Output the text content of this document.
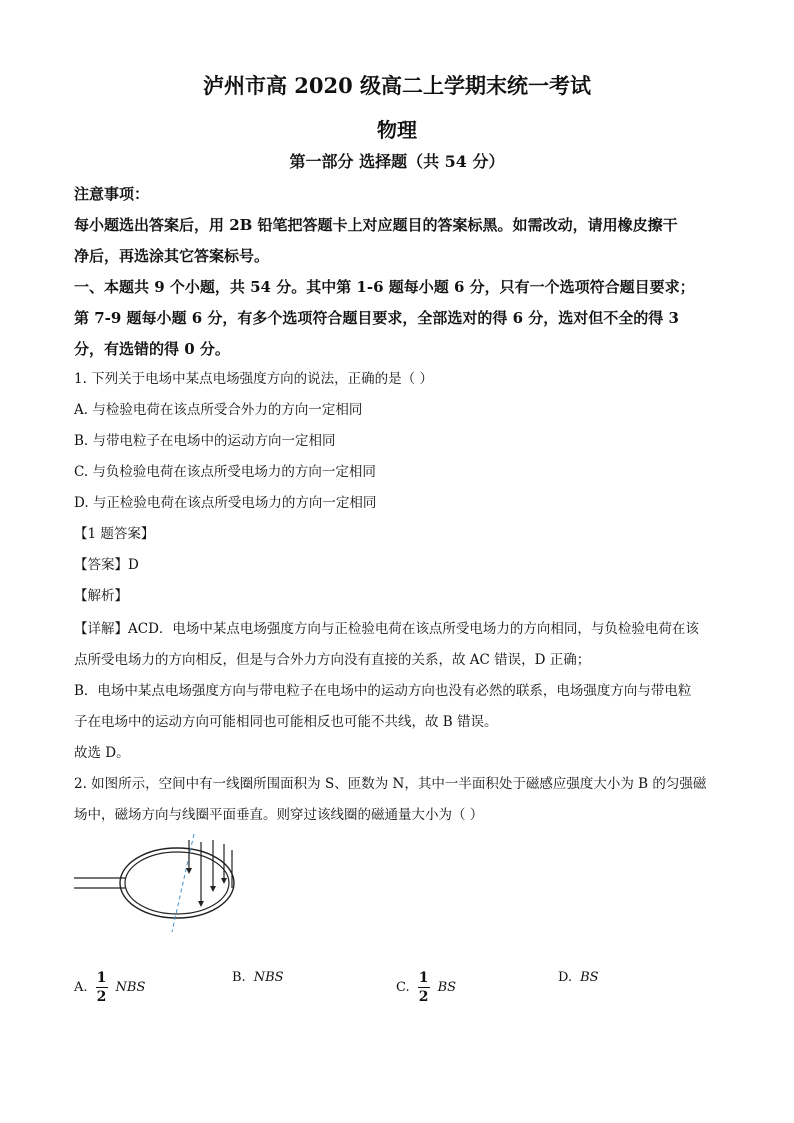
泸州市高 2020 级高二上学期末统一考试
物理
第一部分 选择题（共 54 分）
注意事项：
每小题选出答案后，用 2B 铅笔把答题卡上对应题目的答案标黑。如需改动，请用橡皮擦干
净后，再选涂其它答案标号。
一、本题共 9 个小题，共 54 分。其中第 1-6 题每小题 6 分，只有一个选项符合题目要求；
第 7-9 题每小题 6 分，有多个选项符合题目要求，全部选对的得 6 分，选对但不全的得 3
分，有选错的得 0 分。
1. 下列关于电场中某点电场强度方向的说法，正确的是（ ）
A. 与检验电荷在该点所受合外力的方向一定相同
B. 与带电粒子在电场中的运动方向一定相同
C. 与负检验电荷在该点所受电场力的方向一定相同
D. 与正检验电荷在该点所受电场力的方向一定相同
【1 题答案】
【答案】D
【解析】
【详解】ACD．电场中某点电场强度方向与正检验电荷在该点所受电场力的方向相同，与负检验电荷在该
点所受电场力的方向相反，但是与合外力方向没有直接的关系，故 AC 错误，D 正确；
B．电场中某点电场强度方向与带电粒子在电场中的运动方向也没有必然的联系，电场强度方向与带电粒
子在电场中的运动方向可能相同也可能相反也可能不共线，故 B 错误。
故选 D。
2. 如图所示，空间中有一线圈所围面积为 S、匝数为 N，其中一半面积处于磁感应强度大小为 B 的匀强磁
场中，磁场方向与线圈平面垂直。则穿过该线圈的磁通量大小为（ ）
A. $\frac{1}{2}$ NBS
B. NBS
C. $\frac{1}{2}$ BS
D. BS
